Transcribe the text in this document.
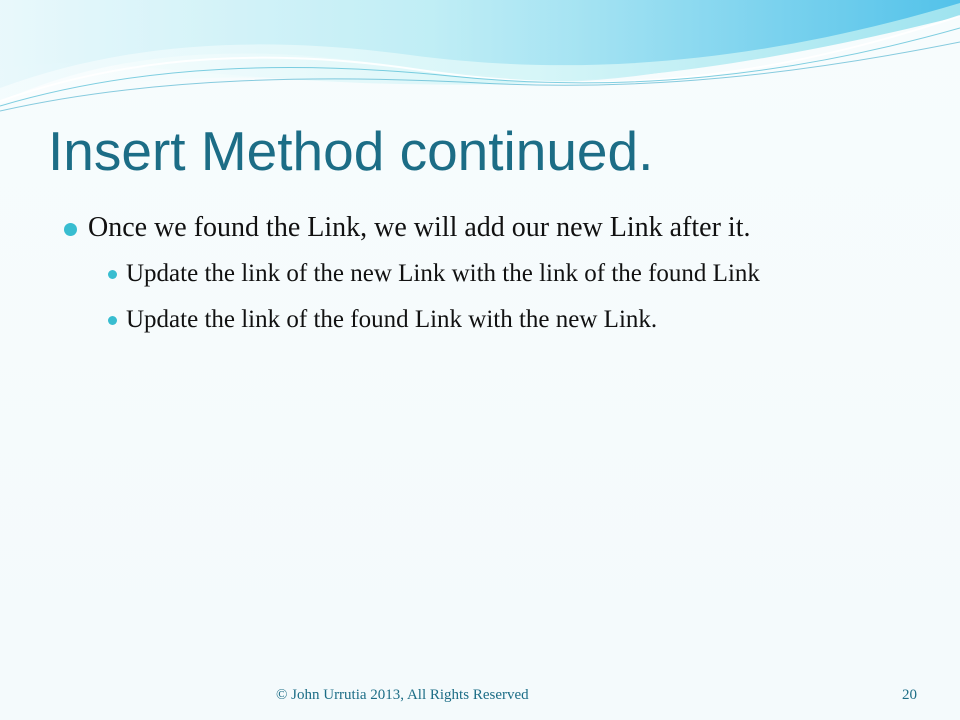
Insert Method continued.
Once we found the Link, we will add our new Link after it.
Update the link of the new Link with the link of the found Link
Update the link of the found Link with the new Link.
© John Urrutia 2013, All Rights Reserved	20
